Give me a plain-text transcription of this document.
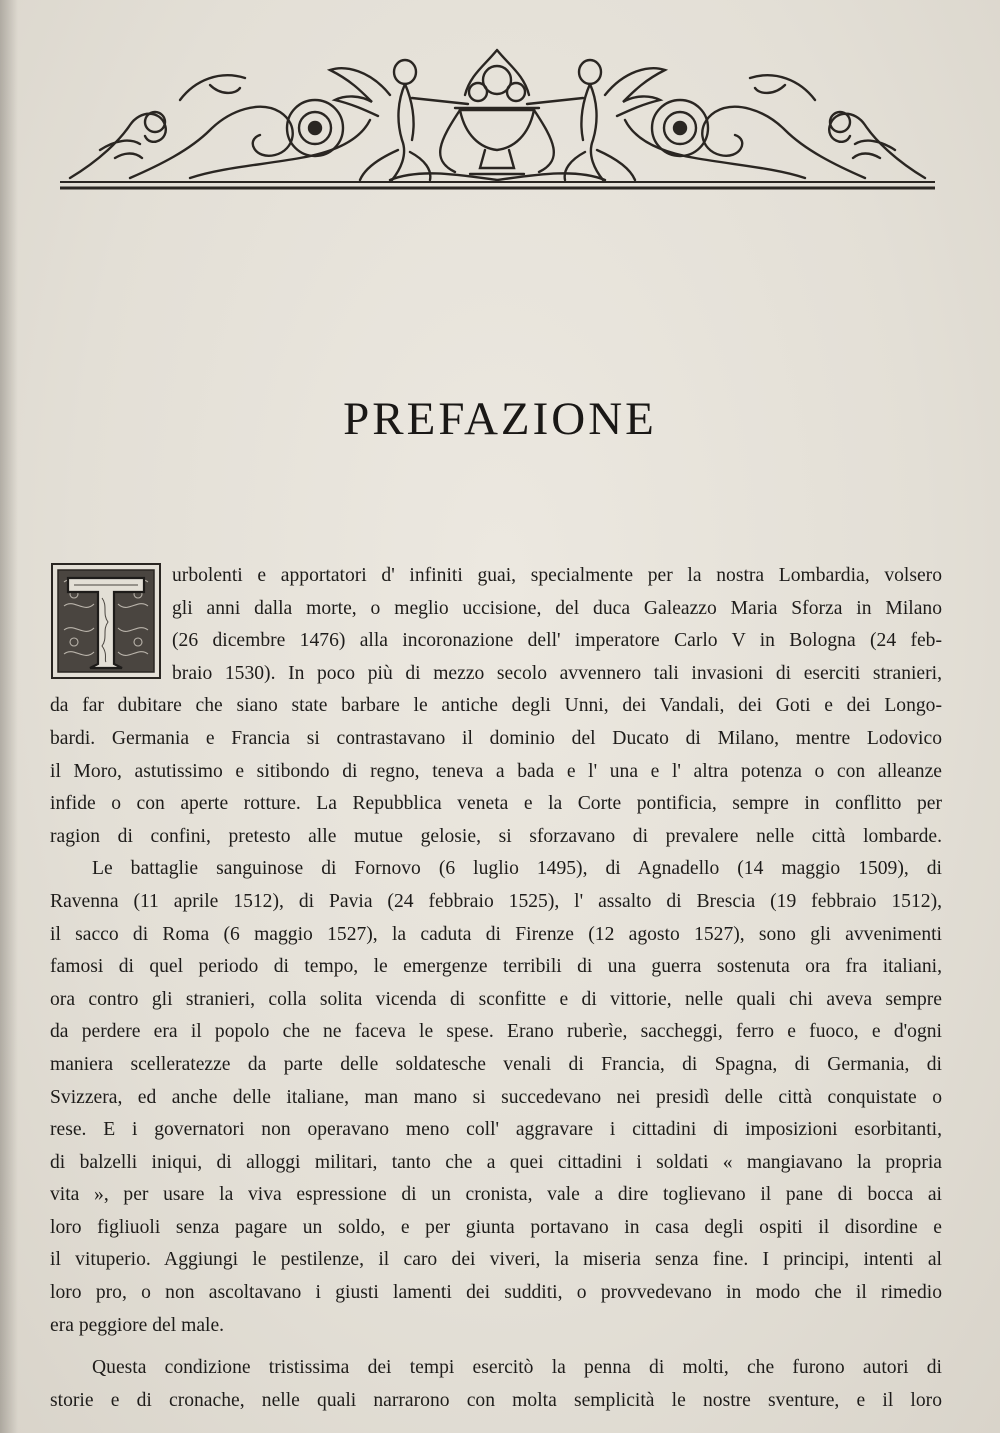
PREFAZIONE
urbolenti e apportatori d' infiniti guai, specialmente per la nostra Lombardia, volsero
gli anni dalla morte, o meglio uccisione, del duca Galeazzo Maria Sforza in Milano
(26 dicembre 1476) alla incoronazione dell' imperatore Carlo V in Bologna (24 feb-
braio 1530). In poco più di mezzo secolo avvennero tali invasioni di eserciti stranieri,
da far dubitare che siano state barbare le antiche degli Unni, dei Vandali, dei Goti e dei Longo-
bardi. Germania e Francia si contrastavano il dominio del Ducato di Milano, mentre Lodovico
il Moro, astutissimo e sitibondo di regno, teneva a bada e l' una e l' altra potenza o con alleanze
infide o con aperte rotture. La Repubblica veneta e la Corte pontificia, sempre in conflitto per
ragion di confini, pretesto alle mutue gelosie, si sforzavano di prevalere nelle città lombarde.
Le battaglie sanguinose di Fornovo (6 luglio 1495), di Agnadello (14 maggio 1509), di
Ravenna (11 aprile 1512), di Pavia (24 febbraio 1525), l' assalto di Brescia (19 febbraio 1512),
il sacco di Roma (6 maggio 1527), la caduta di Firenze (12 agosto 1527), sono gli avvenimenti
famosi di quel periodo di tempo, le emergenze terribili di una guerra sostenuta ora fra italiani,
ora contro gli stranieri, colla solita vicenda di sconfitte e di vittorie, nelle quali chi aveva sempre
da perdere era il popolo che ne faceva le spese. Erano ruberìe, saccheggi, ferro e fuoco, e d'ogni
maniera scelleratezze da parte delle soldatesche venali di Francia, di Spagna, di Germania, di
Svizzera, ed anche delle italiane, man mano si succedevano nei presidì delle città conquistate o
rese. E i governatori non operavano meno coll' aggravare i cittadini di imposizioni esorbitanti,
di balzelli iniqui, di alloggi militari, tanto che a quei cittadini i soldati « mangiavano la propria
vita », per usare la viva espressione di un cronista, vale a dire toglievano il pane di bocca ai
loro figliuoli senza pagare un soldo, e per giunta portavano in casa degli ospiti il disordine e
il vituperio. Aggiungi le pestilenze, il caro dei viveri, la miseria senza fine. I principi, intenti al
loro pro, o non ascoltavano i giusti lamenti dei sudditi, o provvedevano in modo che il rimedio
era peggiore del male.
Questa condizione tristissima dei tempi esercitò la penna di molti, che furono autori di
storie e di cronache, nelle quali narrarono con molta semplicità le nostre sventure, e il loro
